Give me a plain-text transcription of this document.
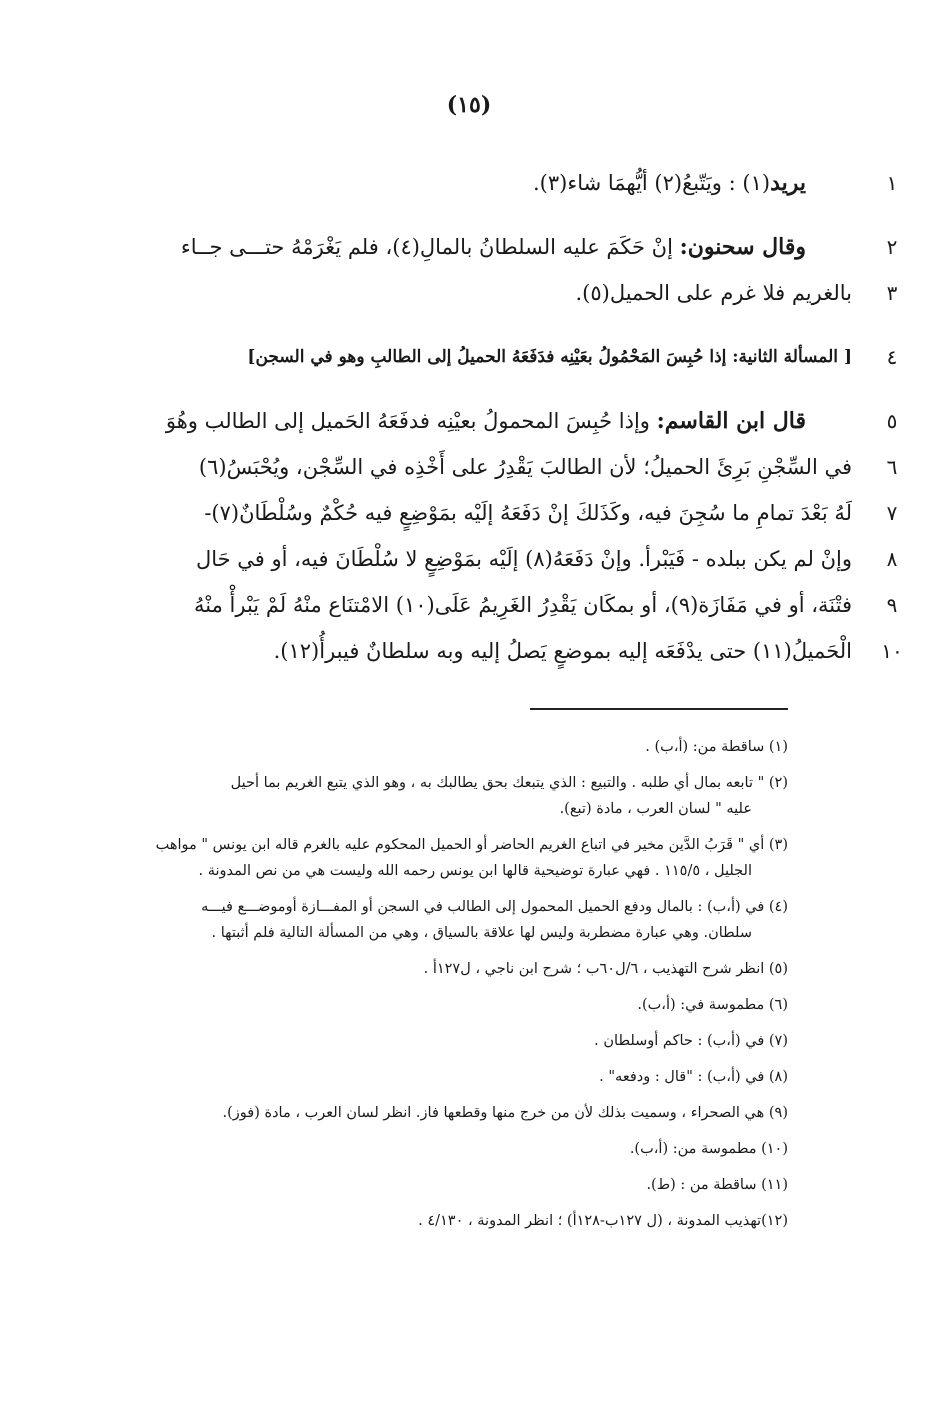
(١٥)
١
يريد(١) : ويَتّبعُ(٢) أيُّهمَا شاء(٣).
٢
وقال سحنون: إنْ حَكَمَ عليه السلطانُ بالمالِ(٤)، فلم يَغْرَمْهُ حتـــى جــاء
٣
بالغريم فلا غرم على الحميل(٥).
٤
[ المسألة الثانية: إذا حُبِسَ المَحْمُولُ بعَيْنِه فدَفَعَهُ الحميلُ إلى الطالبِ وهو في السجن]
٥
قال ابن القاسم: وإذا حُبِسَ المحمولُ بعيْنِه فدفَعَهُ الحَميل إلى الطالب وهُوَ
٦
في السِّجْنِ بَرِئَ الحميلُ؛ لأن الطالبَ يَقْدِرُ على أَخْذِه في السِّجْن، ويُحْبَسُ(٦)
٧
لَهُ بَعْدَ تمامِ ما سُجِنَ فيه، وكَذَلكَ إنْ دَفَعَهُ إلَيْه بمَوْضِعٍ فيه حُكْمٌ وسُلْطَانٌ(٧)-
٨
وإنْ لم يكن ببلده - فَيَبْرأ. وإنْ دَفَعَهُ(٨) إلَيْه بمَوْضِعٍ لا سُلْطَانَ فيه، أو في حَال
٩
فتْنَة، أو في مَفَازَة(٩)، أو بمكَان يَقْدِرُ الغَرِيمُ عَلَى(١٠) الامْتنَاع منْهُ لَمْ يَبْرأْ منْهُ
١٠
الْحَميلُ(١١) حتى يدْفَعَه إليه بموضعٍ يَصلُ إليه وبه سلطانٌ فيبرأُ(١٢).
(١) ساقطة من: (أ،ب) .
(٢) " تابعه بمال أي طلبه . والتبيع : الذي يتبعك بحق يطالبك به ، وهو الذي يتبع الغريم بما أحيل
عليه " لسان العرب ، مادة (تبع).
(٣) أي " قَرَبُ الدَّين مخير في اتباع الغريم الحاضر أو الحميل المحكوم عليه بالغرم قاله ابن يونس " مواهب
الجليل ، ١١٥/٥ . فهي عبارة توضيحية قالها ابن يونس رحمه الله وليست هي من نص المدونة .
(٤) في (أ،ب) : بالمال ودفع الحميل المحمول إلى الطالب في السجن أو المفـــازة أوموضـــع فيـــه
سلطان. وهي عبارة مضطربة وليس لها علاقة بالسياق ، وهي من المسألة التالية فلم أثبتها .
(٥) انظر شرح التهذيب ، ٦/ل٦٠ب ؛ شرح ابن ناجي ، ل١٢٧أ .
(٦) مطموسة في: (أ،ب).
(٧) في (أ،ب) : حاكم أوسلطان .
(٨) في (أ،ب) : "قال : ودفعه" .
(٩) هي الصحراء ، وسميت بذلك لأن من خرج منها وقطعها فاز. انظر لسان العرب ، مادة (فوز).
(١٠) مطموسة من: (أ،ب).
(١١) ساقطة من : (ط).
(١٢)تهذيب المدونة ، (ل ١٢٧ب-١٢٨أ) ؛ انظر المدونة ، ٤/١٣٠ .
